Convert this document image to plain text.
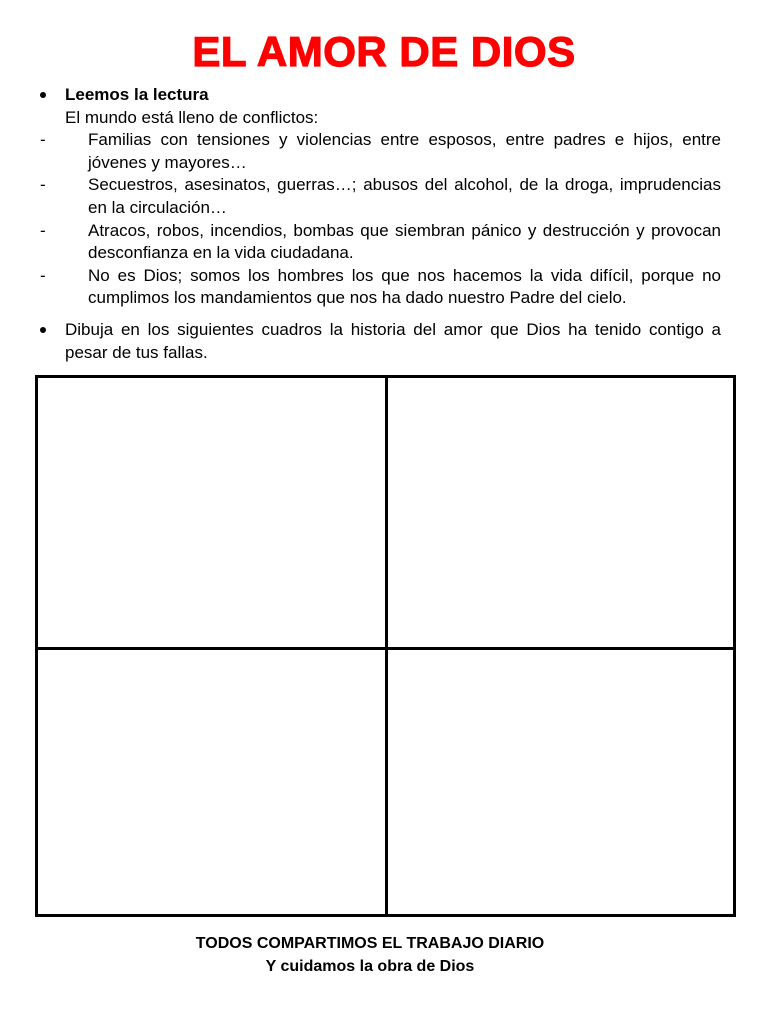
EL AMOR DE DIOS
Leemos la lectura
El mundo está lleno de conflictos:
-	Familias con tensiones y violencias entre esposos, entre padres e hijos, entre jóvenes y mayores…
-	Secuestros, asesinatos, guerras…; abusos del alcohol, de la droga, imprudencias en la circulación…
-	Atracos, robos, incendios, bombas que siembran pánico y destrucción y provocan desconfianza en la vida ciudadana.
-	No es Dios; somos los hombres los que nos hacemos la vida difícil, porque no cumplimos los mandamientos que nos ha dado nuestro Padre del cielo.
Dibuja en los siguientes cuadros la historia del amor que Dios ha tenido contigo a pesar de tus fallas.
TODOS COMPARTIMOS EL TRABAJO DIARIO
Y cuidamos la obra de Dios
